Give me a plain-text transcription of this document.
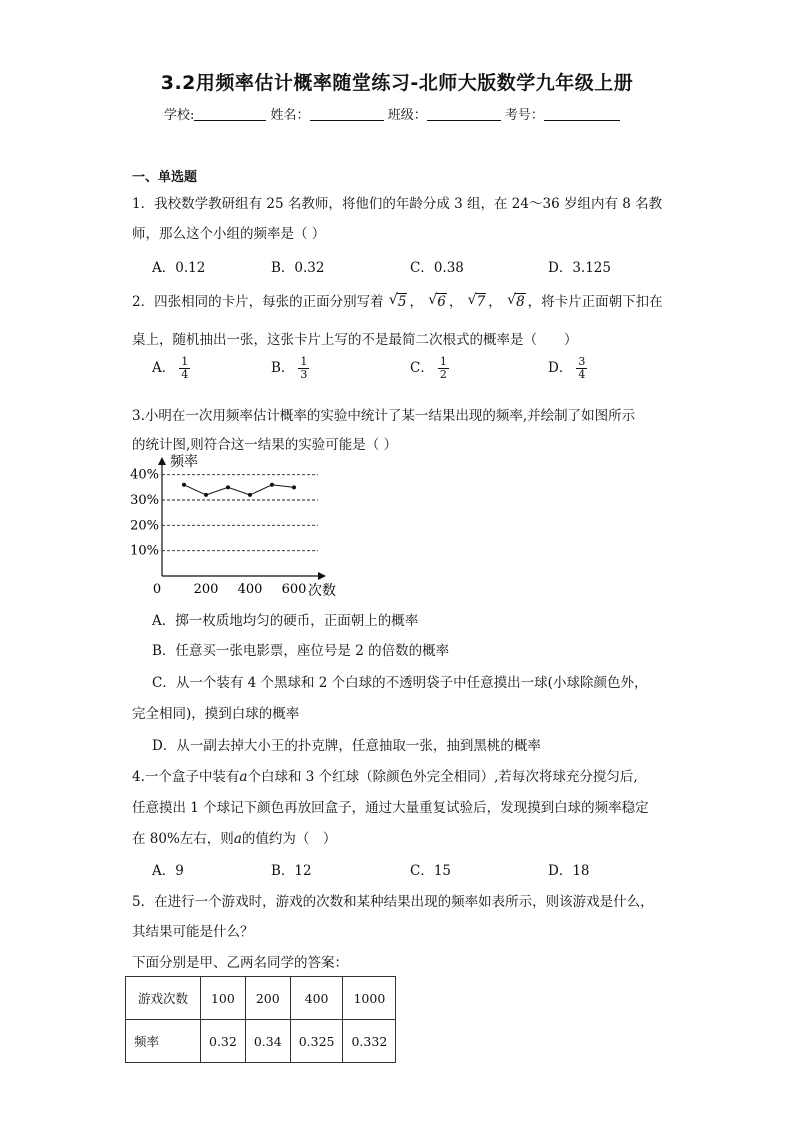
3.2用频率估计概率随堂练习-北师大版数学九年级上册
学校:	姓名：	班级：	考号：
一、单选题
1．我校数学教研组有 25 名教师，将他们的年龄分成 3 组，在 24～36 岁组内有 8 名教
师，那么这个小组的频率是（ ）
A．0.12	B．0.32	C．0.38	D．3.125
2．四张相同的卡片，每张的正面分别写着 √ 5 ， √ 6 ， √ 7 ， √ 8 ，将卡片正面朝下扣在
桌上，随机抽出一张，这张卡片上写的不是最简二次根式的概率是（　　）
A． $\frac{1}{4}$	B． $\frac{1}{3}$	C． $\frac{1}{2}$	D． $\frac{3}{4}$
3.小明在一次用频率估计概率的实验中统计了某一结果出现的频率,并绘制了如图所示
的统计图,则符合这一结果的实验可能是（ ）
频率
次数
0
10%
20%
30%
40%
200 400 600
A．掷一枚质地均匀的硬币，正面朝上的概率
B．任意买一张电影票，座位号是 2 的倍数的概率
C．从一个装有 4 个黑球和 2 个白球的不透明袋子中任意摸出一球(小球除颜色外，
完全相同)，摸到白球的概率
D．从一副去掉大小王的扑克牌，任意抽取一张，抽到黑桃的概率
4.一个盒子中装有a个白球和 3 个红球（除颜色外完全相同）,若每次将球充分搅匀后,
任意摸出 1 个球记下颜色再放回盒子，通过大量重复试验后，发现摸到白球的频率稳定
在 80%左右，则a的值约为（　）
A．9	B．12	C．15	D．18
5．在进行一个游戏时，游戏的次数和某种结果出现的频率如表所示，则该游戏是什么，
其结果可能是什么？
下面分别是甲、乙两名同学的答案：
游戏次数	100	200	400	1000
频率	0.32	0.34	0.325	0.332
